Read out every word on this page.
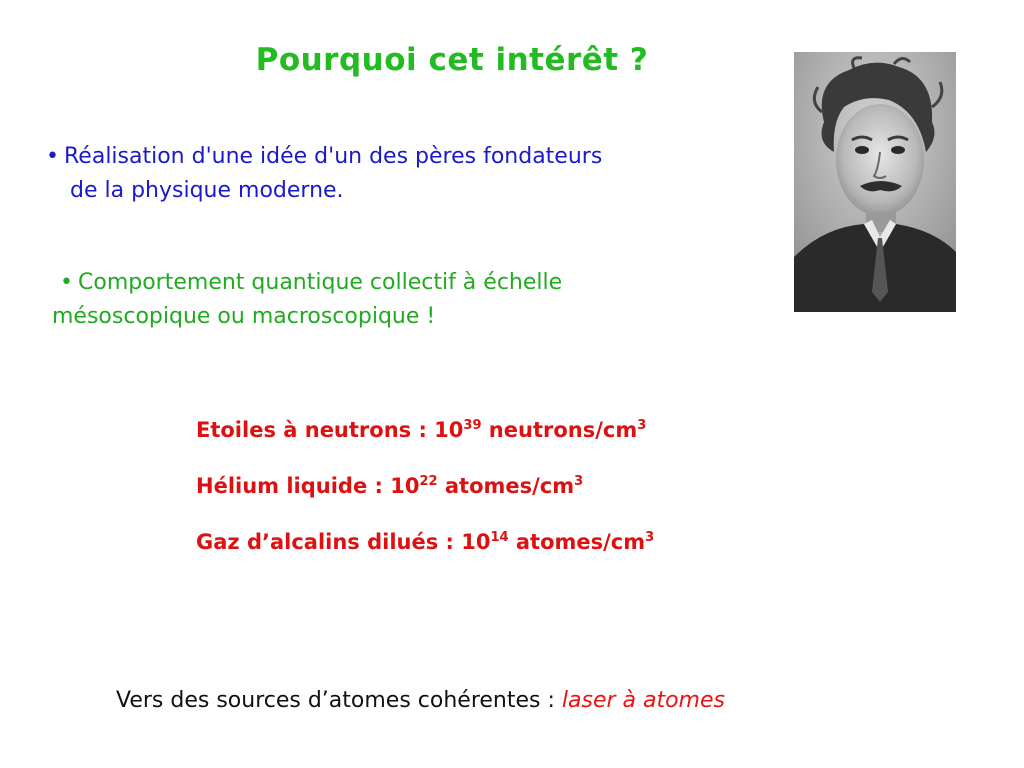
Pourquoi cet intérêt ?
• Réalisation d'une idée d'un des pères fondateurs
de la physique moderne.
• Comportement quantique collectif à échelle
mésoscopique ou macroscopique !
Etoiles à neutrons : $10^{39}$ neutrons/$cm^3$
Hélium liquide : $10^{22}$ atomes/$cm^3$
Gaz d’alcalins dilués : $10^{14}$ atomes/$cm^3$
Vers des sources d’atomes cohérentes : laser à atomes
